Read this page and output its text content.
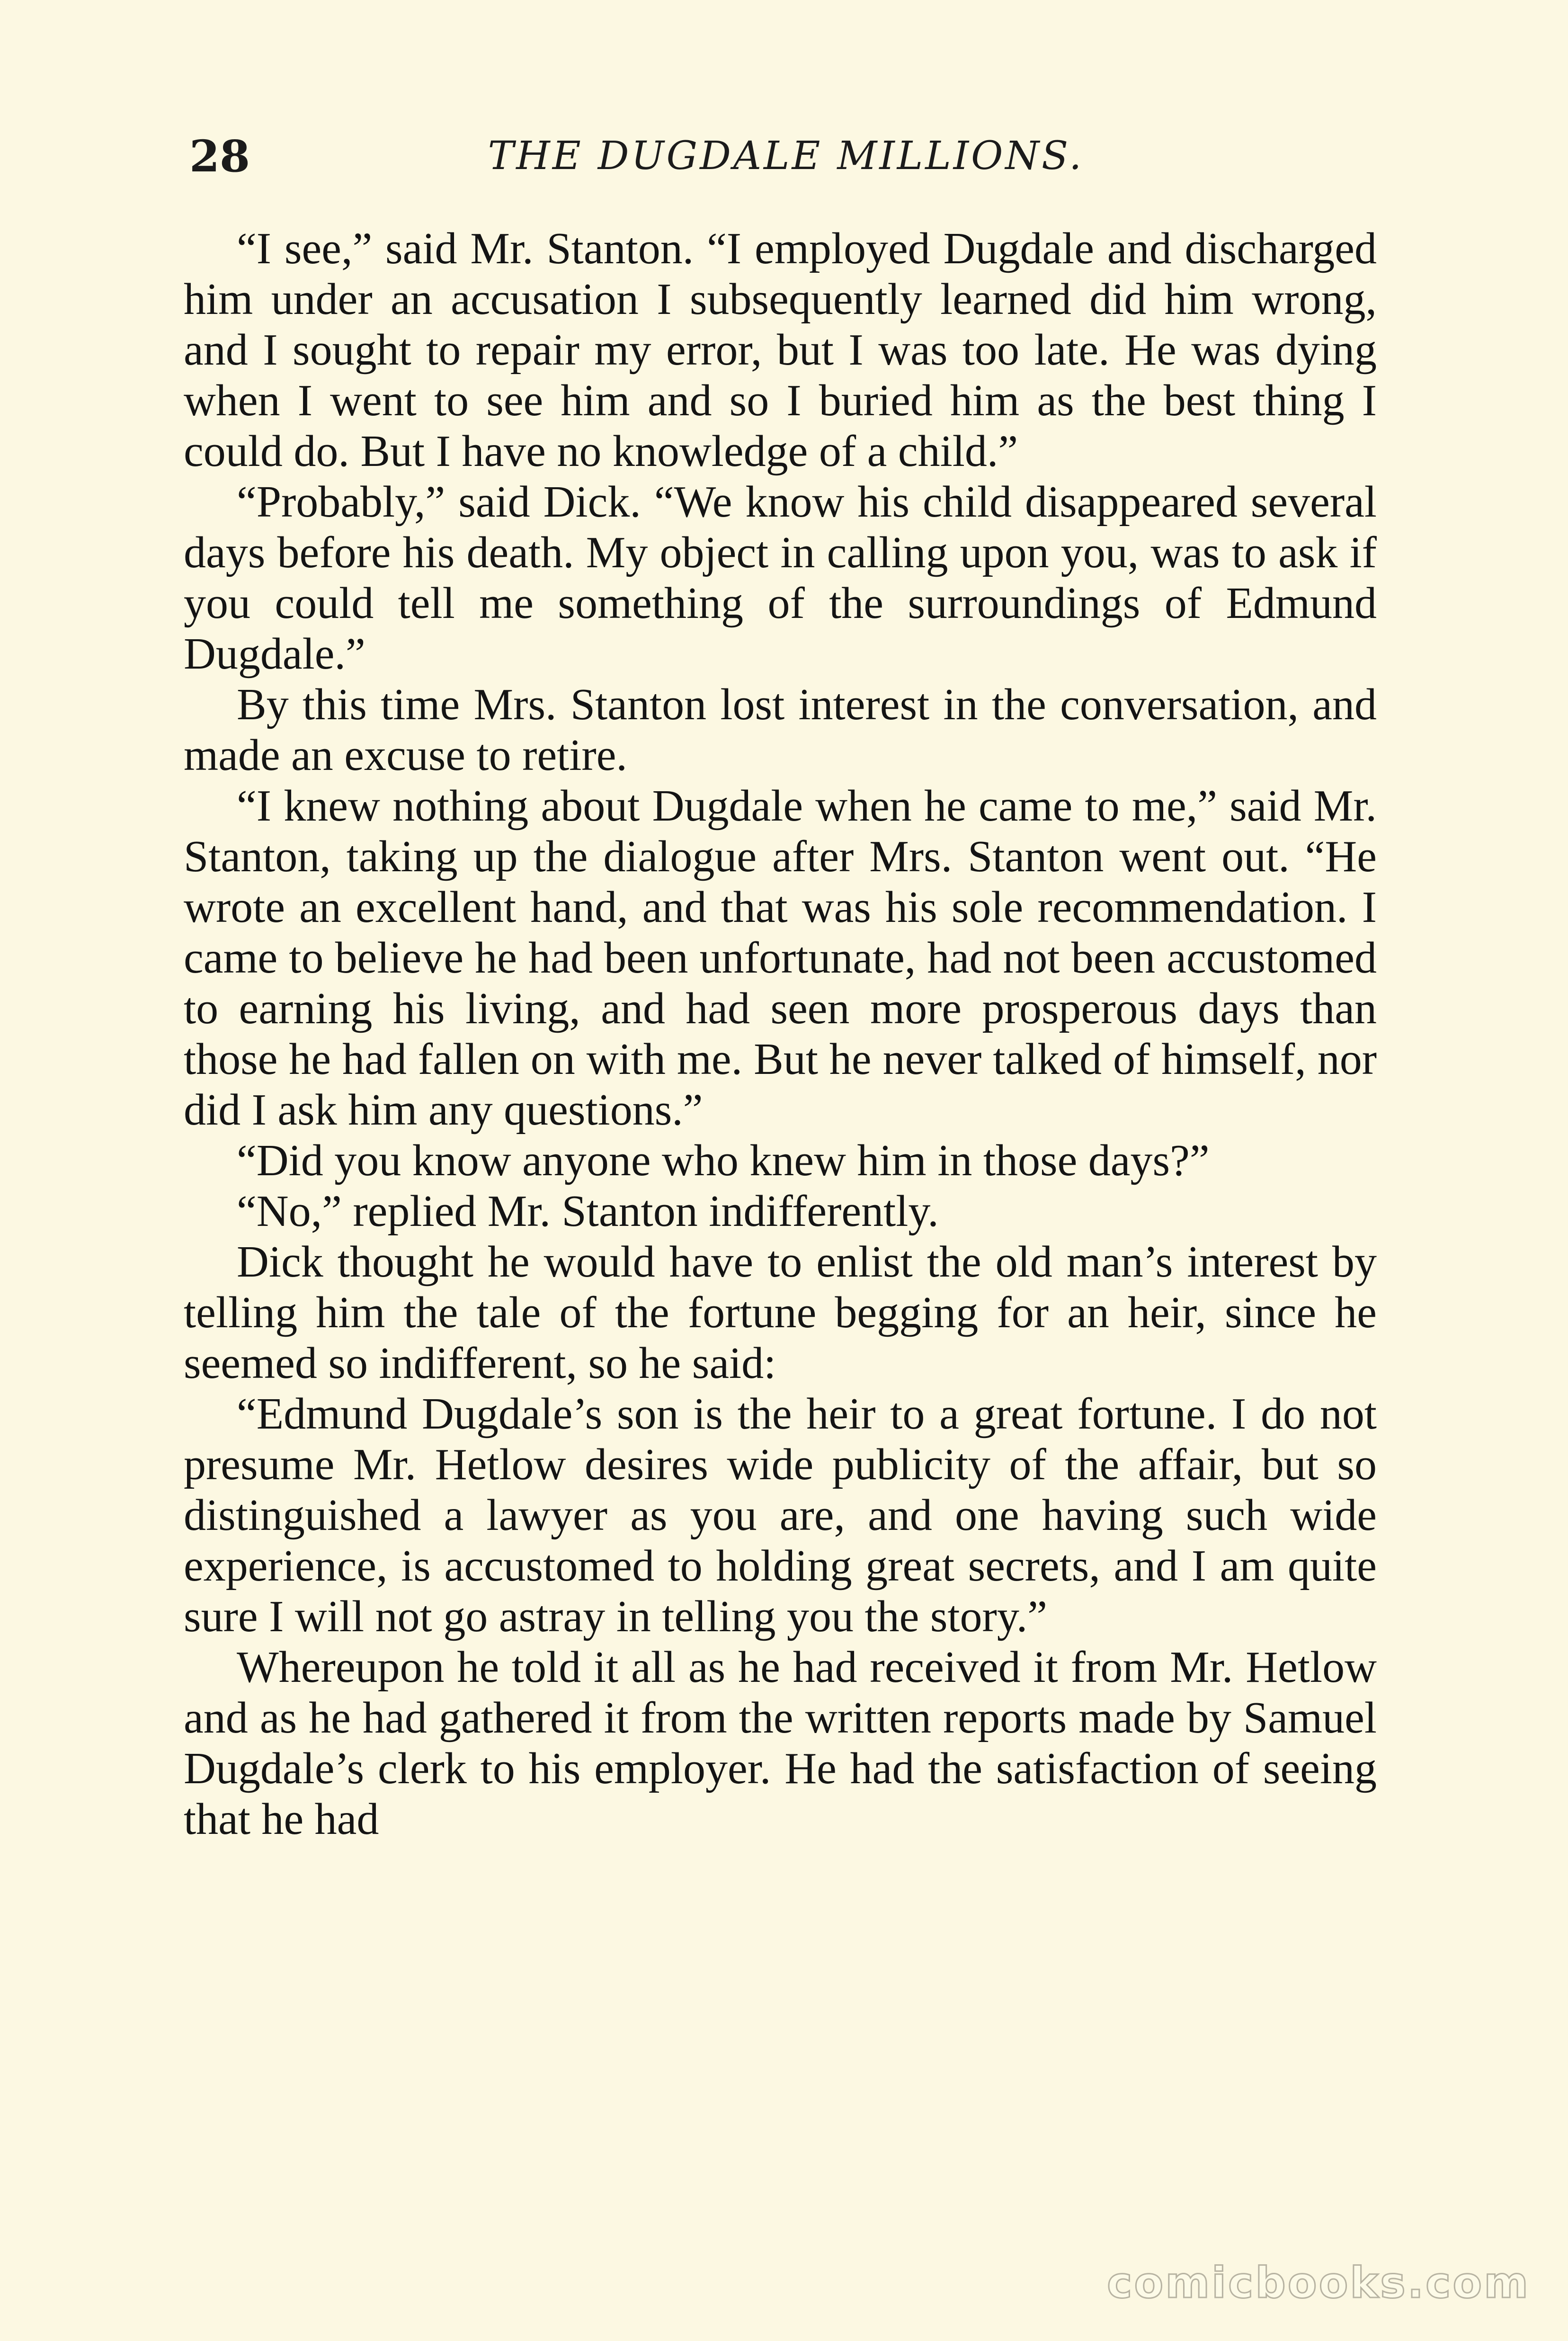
28	THE DUGDALE MILLIONS.

“I see,” said Mr. Stanton. “I employed Dugdale and discharged him under an accusation I subsequently learned did him wrong, and I sought to repair my error, but I was too late. He was dying when I went to see him and so I buried him as the best thing I could do. But I have no knowledge of a child.”

“Probably,” said Dick. “We know his child disappeared several days before his death. My object in calling upon you, was to ask if you could tell me something of the surroundings of Edmund Dugdale.”

By this time Mrs. Stanton lost interest in the conversation, and made an excuse to retire.

“I knew nothing about Dugdale when he came to me,” said Mr. Stanton, taking up the dialogue after Mrs. Stanton went out. “He wrote an excellent hand, and that was his sole recommendation. I came to believe he had been unfortunate, had not been accustomed to earning his living, and had seen more prosperous days than those he had fallen on with me. But he never talked of himself, nor did I ask him any questions.”

“Did you know anyone who knew him in those days?”

“No,” replied Mr. Stanton indifferently.

Dick thought he would have to enlist the old man’s interest by telling him the tale of the fortune begging for an heir, since he seemed so indifferent, so he said:

“Edmund Dugdale’s son is the heir to a great fortune. I do not presume Mr. Hetlow desires wide publicity of the affair, but so distinguished a lawyer as you are, and one having such wide experience, is accustomed to holding great secrets, and I am quite sure I will not go astray in telling you the story.”

Whereupon he told it all as he had received it from Mr. Hetlow and as he had gathered it from the written reports made by Samuel Dugdale’s clerk to his employer. He had the satisfaction of seeing that he had

comicbooks.com
